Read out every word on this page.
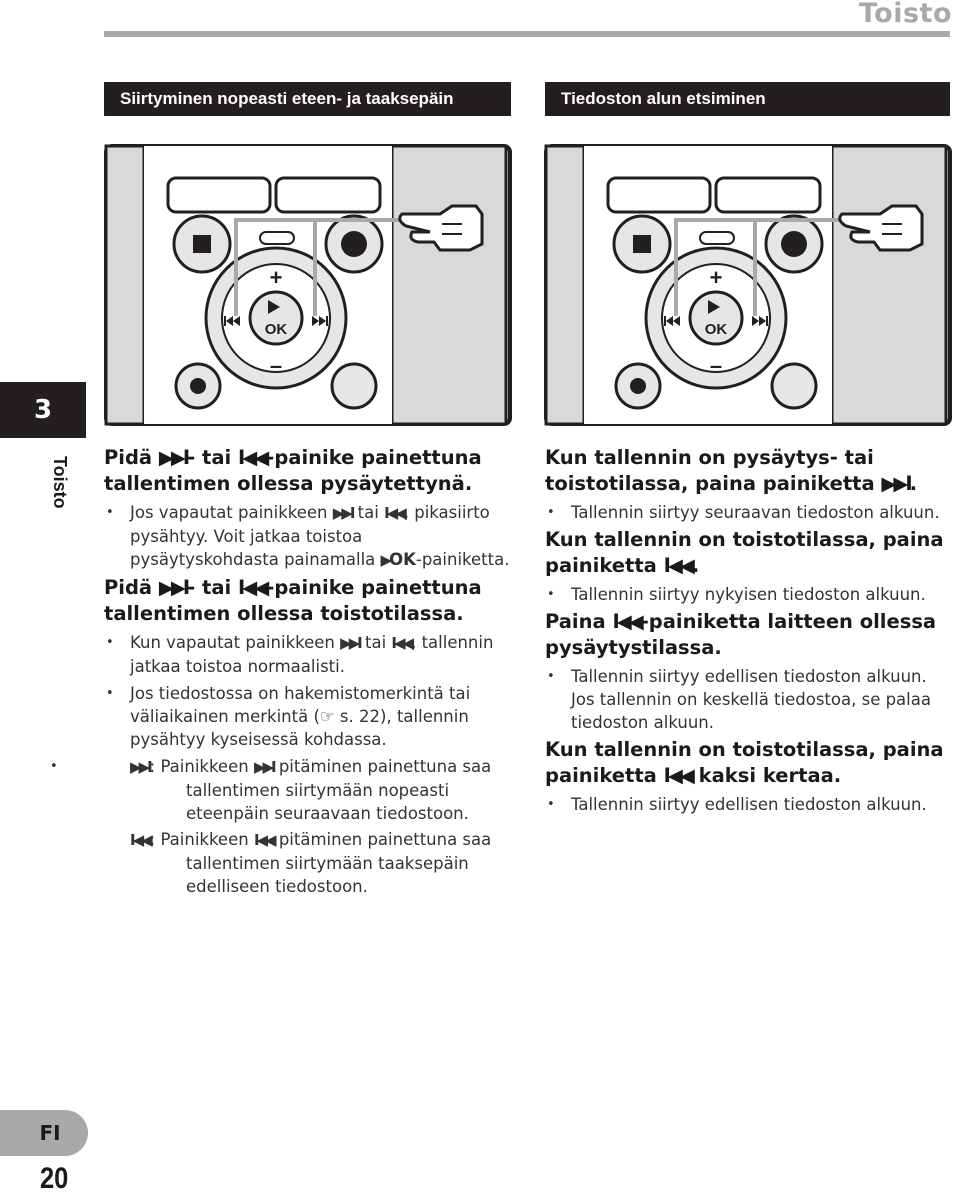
Toisto
Siirtyminen nopeasti eteen- ja taaksepäin	Tiedoston alun etsiminen
OK
+
–
OK
+
–
3
Toisto Pidä ▶▶I- tai I◀◀-painike painettuna tallentimen ollessa pysäytettynä.

• Jos vapautat painikkeen ▶▶I tai I◀◀, pikasiirto pysähtyy. Voit jatkaa toistoa pysäytyskohdasta painamalla ▶OK-painiketta.

Pidä ▶▶I- tai I◀◀-painike painettuna tallentimen ollessa toistotilassa.

• Kun vapautat painikkeen ▶▶I tai I◀◀, tallennin jatkaa toistoa normaalisti.

• Jos tiedostossa on hakemistomerkintä tai väliaikainen merkintä (☞ s. 22), tallennin pysähtyy kyseisessä kohdassa.

• ▶▶I: Painikkeen ▶▶I pitäminen painettuna saa tallentimen siirtymään nopeasti eteenpäin seuraavaan tiedostoon.

I◀◀: Painikkeen I◀◀ pitäminen painettuna saa tallentimen siirtymään taaksepäin edelliseen tiedostoon.

Kun tallennin on pysäytys- tai toistotilassa, paina painiketta ▶▶I.

• Tallennin siirtyy seuraavan tiedoston alkuun.

Kun tallennin on toistotilassa, paina painiketta I◀◀.

• Tallennin siirtyy nykyisen tiedoston alkuun.

Paina I◀◀-painiketta laitteen ollessa pysäytystilassa.

• Tallennin siirtyy edellisen tiedoston alkuun. Jos tallennin on keskellä tiedostoa, se palaa tiedoston alkuun.

Kun tallennin on toistotilassa, paina painiketta I◀◀ kaksi kertaa.

• Tallennin siirtyy edellisen tiedoston alkuun.

FI
20
